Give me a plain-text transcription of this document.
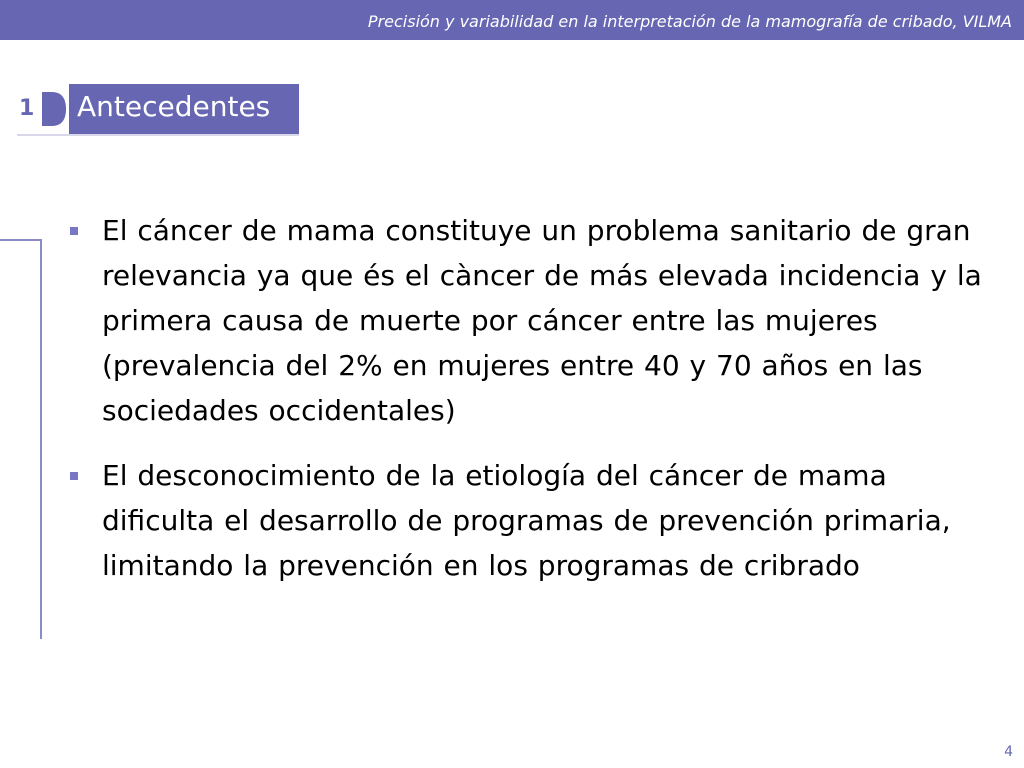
Precisión y variabilidad en la interpretación de la mamografía de cribado, VILMA
1 Antecedentes
El cáncer de mama constituye un problema sanitario de gran relevancia ya que és el càncer de más elevada incidencia y la primera causa de muerte por cáncer entre las mujeres (prevalencia del 2% en mujeres entre 40 y 70 años en las sociedades occidentales)
El desconocimiento de la etiología del cáncer de mama dificulta el desarrollo de programas de prevención primaria, limitando la prevención en los programas de cribrado
4
